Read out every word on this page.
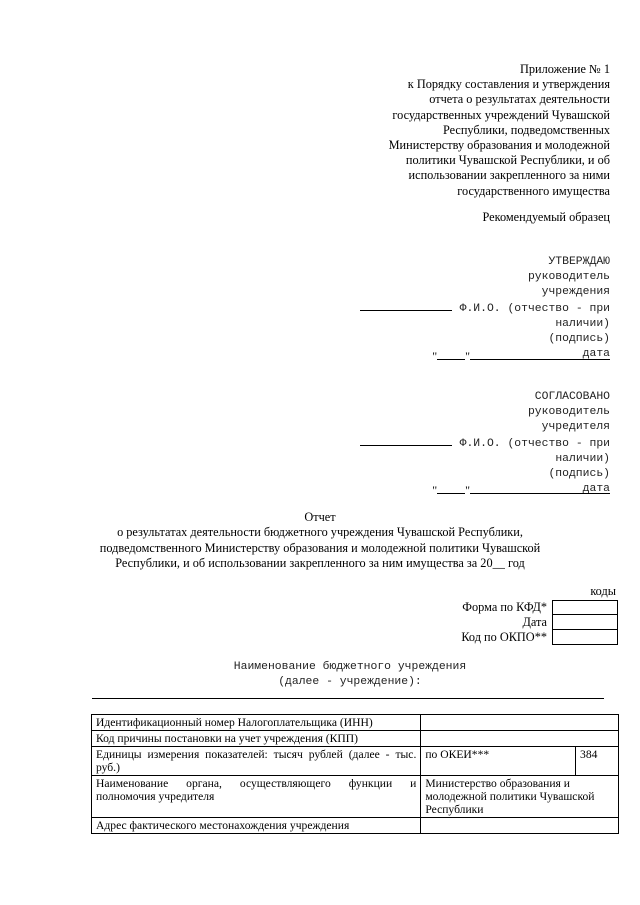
Приложение № 1
к Порядку составления и утверждения
отчета о результатах деятельности
государственных учреждений Чувашской
Республики, подведомственных
Министерству образования и молодежной
политики Чувашской Республики, и об
использовании закрепленного за ними
государственного имущества
Рекомендуемый образец
УТВЕРЖДАЮ
руководитель
учреждения
Ф.И.О. (отчество - при
наличии)
(подпись)
дата
" "
СОГЛАСОВАНО
руководитель
учредителя
Ф.И.О. (отчество - при
наличии)
(подпись)
дата
" "
Отчет
о результатах деятельности бюджетного учреждения Чувашской Республики,
подведомственного Министерству образования и молодежной политики Чувашской
Республики, и об использовании закрепленного за ним имущества за 20__ год
коды
Форма по КФД*
Дата
Код по ОКПО**
Наименование бюджетного учреждения
(далее - учреждение):
Идентификационный номер Налогоплательщика (ИНН)		
Код причины постановки на учет учреждения (КПП)		
Единицы измерения показателей: тысяч рублей (далее - тыс. руб.)	по ОКЕИ***	384
Наименование органа, осуществляющего функции и полномочия учредителя	Министерство образования и молодежной политики Чувашской Республики	
Адрес фактического местонахождения учреждения		
